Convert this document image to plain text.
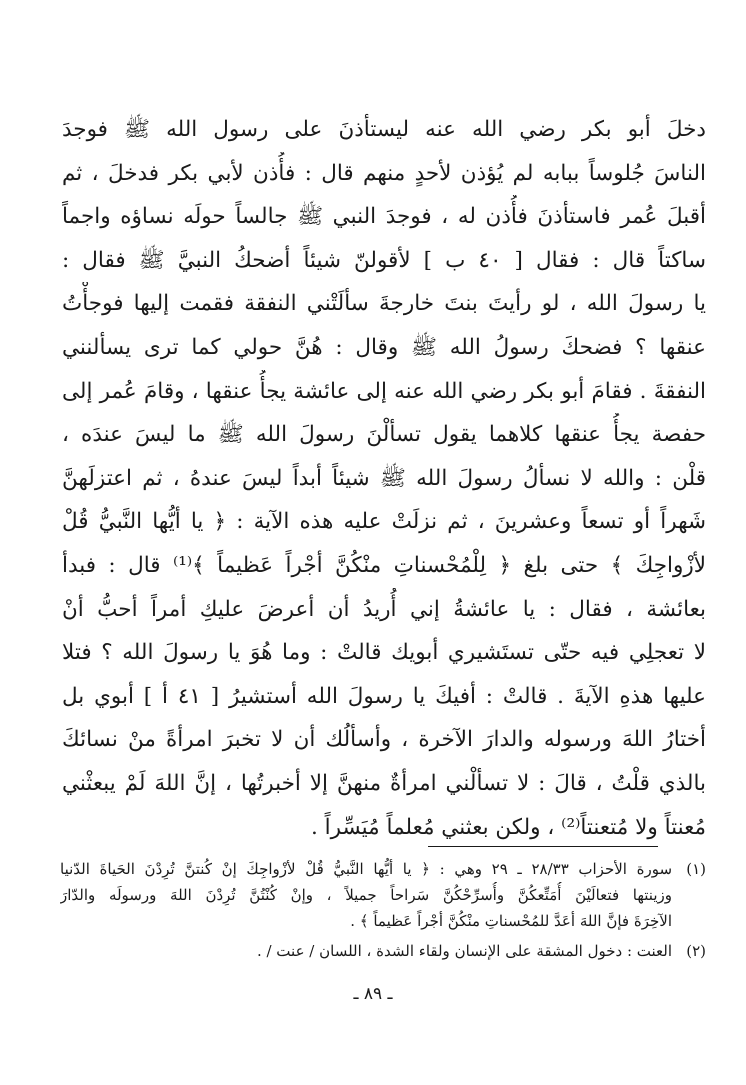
دخلَ أبو بكر رضي الله عنه ليستأذنَ على رسول الله ﷺ فوجدَ
الناسَ جُلوساً ببابه لم يُؤذن لأحدٍ منهم قال : فأُذن لأبي بكر فدخلَ ، ثم
أقبلَ عُمر فاستأذنَ فأُذن له ، فوجدَ النبي ﷺ جالساً حولَه نساؤه واجماً
ساكتاً قال : فقال [ ٤٠ ب ] لأقولنّ شيئاً أضحكُ النبيَّ ﷺ فقال :
يا رسولَ الله ، لو رأيتَ بنتَ خارجةَ سألَتْني النفقة فقمت إليها فوجأْتُ
عنقها ؟ فضحكَ رسولُ الله ﷺ وقال : هُنَّ حولي كما ترى يسألنني
النفقةَ . فقامَ أبو بكر رضي الله عنه إلى عائشة يجأُ عنقها ، وقامَ عُمر إلى
حفصة يجأُ عنقها كلاهما يقول تسألْنَ رسولَ الله ﷺ ما ليسَ عندَه ،
قلْن : والله لا نسألُ رسولَ الله ﷺ شيئاً أبداً ليسَ عندهُ ، ثم اعتزلَهنَّ
شَهراً أو تسعاً وعشرينَ ، ثم نزلَتْ عليه هذه الآية : ﴿ يا أيُّها النَّبيُّ قُلْ
لأزْواجِكَ ﴾ حتى بلغ ﴿ لِلْمُحْسناتِ منْكُنَّ أجْراً عَظيماً ﴾⁽¹⁾ قال : فبدأ
بعائشة ، فقال : يا عائشةُ إني أُريدُ أن أعرضَ عليكِ أمراً أحبُّ أنْ
لا تعجلِي فيه حتّى تستَشيري أبويك قالتْ : وما هُوَ يا رسولَ الله ؟ فتلا
عليها هذهِ الآيةَ . قالتْ : أفيكَ يا رسولَ الله أستشيرُ [ ٤١ أ ] أبوي بل
أختارُ اللهَ ورسوله والدارَ الآخرة ، وأسألُك أن لا تخبرَ امرأةً منْ نسائكَ
بالذي قلْتُ ، قالَ : لا تسألْني امرأةٌ منهنَّ إلا أخبرتُها ، إنَّ اللهَ لَمْ يبعثْني
مُعنتاً ولا مُتعنتاً⁽²⁾ ، ولكن بعثني مُعلماً مُيَسِّراً .
(١)
سورة الأحزاب ٢٨/٣٣ ـ ٢٩ وهي : ﴿ يا أيُّها النَّبيُّ قُلْ لأزْواجِكَ إنْ كُنتنَّ تُرِدْنَ الحَياةَ الدّنيا
وزينتها فتعالَيْنَ أُمَتِّعكُنَّ وأُسرِّحْكُنَّ سَراحاً جميلاً ، وإنْ كُنْتُنَّ تُرِدْنَ اللهَ ورسولَه والدّارَ
الآخِرَةَ فإنَّ اللهَ أعَدَّ للمُحْسناتِ منْكُنَّ أجْراً عَظيماً ﴾ .
(٢)
العنت : دخول المشقة على الإنسان ولقاء الشدة ، اللسان / عنت / .
ـ ٨٩ ـ
